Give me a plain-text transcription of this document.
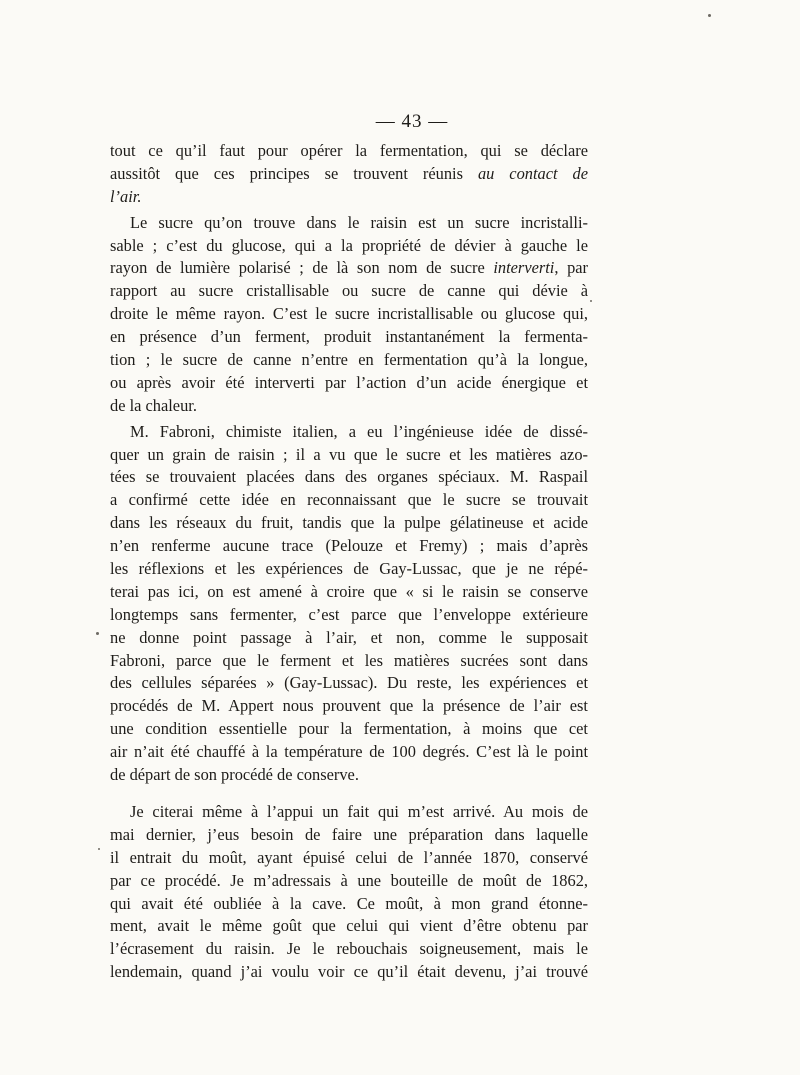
— 43 —
tout ce qu’il faut pour opérer la fermentation, qui se déclare
aussitôt que ces principes se trouvent réunis au contact de
l’air.
Le sucre qu’on trouve dans le raisin est un sucre incristalli-
sable ; c’est du glucose, qui a la propriété de dévier à gauche le
rayon de lumière polarisé ; de là son nom de sucre interverti, par
rapport au sucre cristallisable ou sucre de canne qui dévie à
droite le même rayon. C’est le sucre incristallisable ou glucose qui,
en présence d’un ferment, produit instantanément la fermenta-
tion ; le sucre de canne n’entre en fermentation qu’à la longue,
ou après avoir été interverti par l’action d’un acide énergique et
de la chaleur.
M. Fabroni, chimiste italien, a eu l’ingénieuse idée de dissé-
quer un grain de raisin ; il a vu que le sucre et les matières azo-
tées se trouvaient placées dans des organes spéciaux. M. Raspail
a confirmé cette idée en reconnaissant que le sucre se trouvait
dans les réseaux du fruit, tandis que la pulpe gélatineuse et acide
n’en renferme aucune trace (Pelouze et Fremy) ; mais d’après
les réflexions et les expériences de Gay-Lussac, que je ne répé-
terai pas ici, on est amené à croire que « si le raisin se conserve
longtemps sans fermenter, c’est parce que l’enveloppe extérieure
ne donne point passage à l’air, et non, comme le supposait
Fabroni, parce que le ferment et les matières sucrées sont dans
des cellules séparées » (Gay-Lussac). Du reste, les expériences et
procédés de M. Appert nous prouvent que la présence de l’air est
une condition essentielle pour la fermentation, à moins que cet
air n’ait été chauffé à la température de 100 degrés. C’est là le point
de départ de son procédé de conserve.
Je citerai même à l’appui un fait qui m’est arrivé. Au mois de
mai dernier, j’eus besoin de faire une préparation dans laquelle
il entrait du moût, ayant épuisé celui de l’année 1870, conservé
par ce procédé. Je m’adressais à une bouteille de moût de 1862,
qui avait été oubliée à la cave. Ce moût, à mon grand étonne-
ment, avait le même goût que celui qui vient d’être obtenu par
l’écrasement du raisin. Je le rebouchais soigneusement, mais le
lendemain, quand j’ai voulu voir ce qu’il était devenu, j’ai trouvé
